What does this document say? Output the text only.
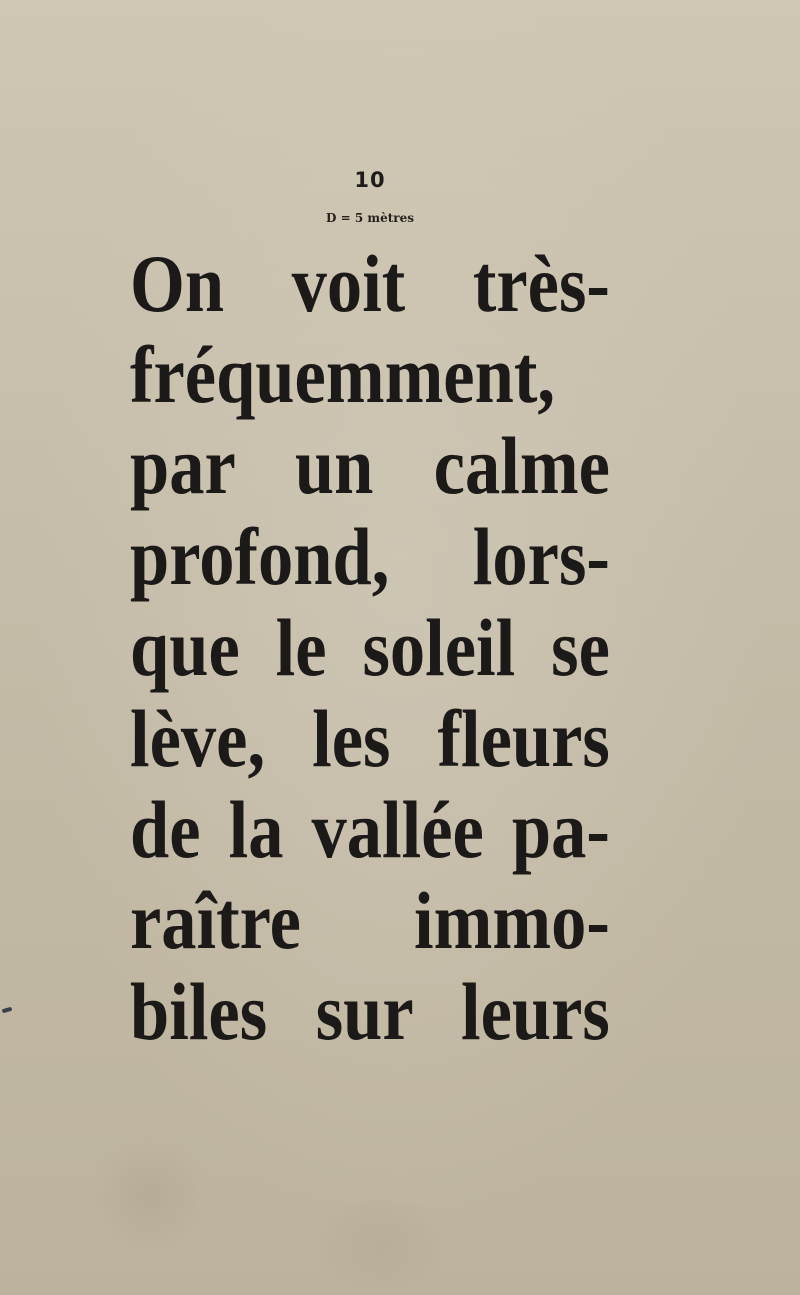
10
D = 5 mètres
On voit très-
fréquemment,
par un calme
profond, lors-
que le soleil se
lève, les fleurs
de la vallée pa-
raître immo-
biles sur leurs
